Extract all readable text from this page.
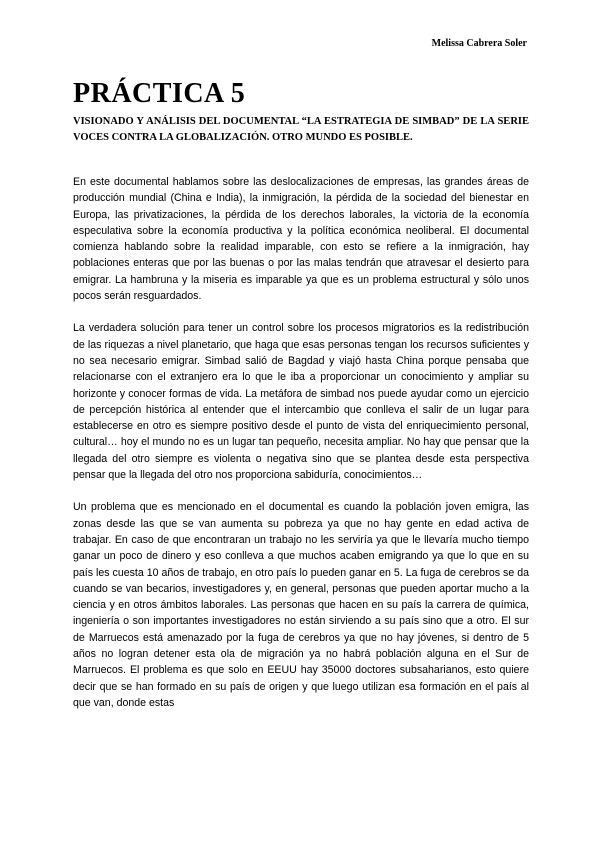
Melissa Cabrera Soler
PRÁCTICA 5

VISIONADO Y ANÁLISIS DEL DOCUMENTAL “LA ESTRATEGIA DE SIMBAD” DE LA SERIE VOCES CONTRA LA GLOBALIZACIÓN. OTRO MUNDO ES POSIBLE.

En este documental hablamos sobre las deslocalizaciones de empresas, las grandes áreas de producción mundial (China e India), la inmigración, la pérdida de la sociedad del bienestar en Europa, las privatizaciones, la pérdida de los derechos laborales, la victoria de la economía especulativa sobre la economía productiva y la política económica neoliberal. El documental comienza hablando sobre la realidad imparable, con esto se refiere a la inmigración, hay poblaciones enteras que por las buenas o por las malas tendrán que atravesar el desierto para emigrar. La hambruna y la miseria es imparable ya que es un problema estructural y sólo unos pocos serán resguardados.

La verdadera solución para tener un control sobre los procesos migratorios es la redistribución de las riquezas a nivel planetario, que haga que esas personas tengan los recursos suficientes y no sea necesario emigrar. Simbad salió de Bagdad y viajó hasta China porque pensaba que relacionarse con el extranjero era lo que le iba a proporcionar un conocimiento y ampliar su horizonte y conocer formas de vida. La metáfora de simbad nos puede ayudar como un ejercicio de percepción histórica al entender que el intercambio que conlleva el salir de un lugar para establecerse en otro es siempre positivo desde el punto de vista del enriquecimiento personal, cultural… hoy el mundo no es un lugar tan pequeño, necesita ampliar. No hay que pensar que la llegada del otro siempre es violenta o negativa sino que se plantea desde esta perspectiva pensar que la llegada del otro nos proporciona sabiduría, conocimientos…

Un problema que es mencionado en el documental es cuando la población joven emigra, las zonas desde las que se van aumenta su pobreza ya que no hay gente en edad activa de trabajar. En caso de que encontraran un trabajo no les serviría ya que le llevaría mucho tiempo ganar un poco de dinero y eso conlleva a que muchos acaben emigrando ya que lo que en su país les cuesta 10 años de trabajo, en otro país lo pueden ganar en 5. La fuga de cerebros se da cuando se van becarios, investigadores y, en general, personas que pueden aportar mucho a la ciencia y en otros ámbitos laborales. Las personas que hacen en su país la carrera de química, ingeniería o son importantes investigadores no están sirviendo a su país sino que a otro. El sur de Marruecos está amenazado por la fuga de cerebros ya que no hay jóvenes, si dentro de 5 años no logran detener esta ola de migración ya no habrá población alguna en el Sur de Marruecos. El problema es que solo en EEUU hay 35000 doctores subsaharianos, esto quiere decir que se han formado en su país de origen y que luego utilizan esa formación en el país al que van, donde estas
